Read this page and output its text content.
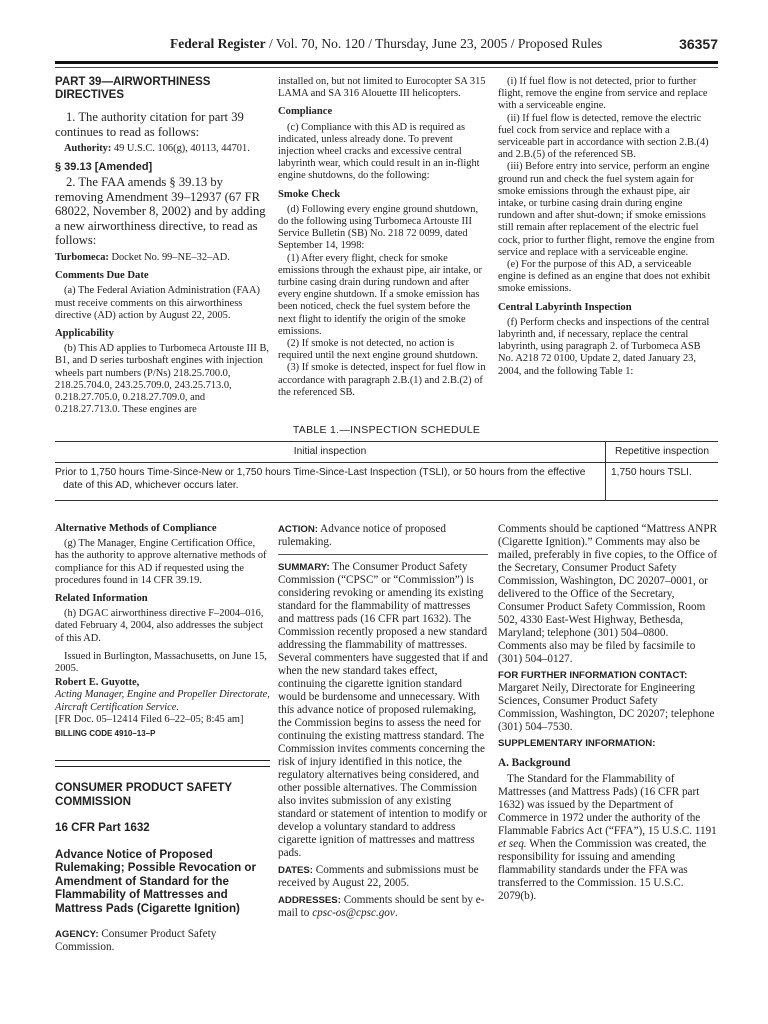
Federal Register / Vol. 70, No. 120 / Thursday, June 23, 2005 / Proposed Rules	36357
PART 39—AIRWORTHINESS DIRECTIVES

1. The authority citation for part 39 continues to read as follows:

Authority: 49 U.S.C. 106(g), 40113, 44701.

§ 39.13 [Amended]

2. The FAA amends § 39.13 by removing Amendment 39–12937 (67 FR 68022, November 8, 2002) and by adding a new airworthiness directive, to read as follows:

Turbomeca: Docket No. 99–NE–32–AD.

Comments Due Date

(a) The Federal Aviation Administration (FAA) must receive comments on this airworthiness directive (AD) action by August 22, 2005.

Applicability

(b) This AD applies to Turbomeca Artouste III B, B1, and D series turboshaft engines with injection wheels part numbers (P/Ns) 218.25.700.0, 218.25.704.0, 243.25.709.0, 243.25.713.0, 0.218.27.705.0, 0.218.27.709.0, and 0.218.27.713.0. These engines are

installed on, but not limited to Eurocopter SA 315 LAMA and SA 316 Alouette III helicopters.

Compliance

(c) Compliance with this AD is required as indicated, unless already done. To prevent injection wheel cracks and excessive central labyrinth wear, which could result in an in-flight engine shutdowns, do the following:

Smoke Check

(d) Following every engine ground shutdown, do the following using Turbomeca Artouste III Service Bulletin (SB) No. 218 72 0099, dated September 14, 1998:

(1) After every flight, check for smoke emissions through the exhaust pipe, air intake, or turbine casing drain during rundown and after every engine shutdown. If a smoke emission has been noticed, check the fuel system before the next flight to identify the origin of the smoke emissions.

(2) If smoke is not detected, no action is required until the next engine ground shutdown.

(3) If smoke is detected, inspect for fuel flow in accordance with paragraph 2.B.(1) and 2.B.(2) of the referenced SB.

(i) If fuel flow is not detected, prior to further flight, remove the engine from service and replace with a serviceable engine.

(ii) If fuel flow is detected, remove the electric fuel cock from service and replace with a serviceable part in accordance with section 2.B.(4) and 2.B.(5) of the referenced SB.

(iii) Before entry into service, perform an engine ground run and check the fuel system again for smoke emissions through the exhaust pipe, air intake, or turbine casing drain during engine rundown and after shut-down; if smoke emissions still remain after replacement of the electric fuel cock, prior to further flight, remove the engine from service and replace with a serviceable engine.

(e) For the purpose of this AD, a serviceable engine is defined as an engine that does not exhibit smoke emissions.

Central Labyrinth Inspection

(f) Perform checks and inspections of the central labyrinth and, if necessary, replace the central labyrinth, using paragraph 2. of Turbomeca ASB No. A218 72 0100, Update 2, dated January 23, 2004, and the following Table 1:

TABLE 1.—INSPECTION SCHEDULE
Initial inspection	Repetitive inspection
Prior to 1,750 hours Time-Since-New or 1,750 hours Time-Since-Last Inspection (TSLI), or 50 hours from the effective date of this AD, whichever occurs later.	1,750 hours TSLI.
Alternative Methods of Compliance

(g) The Manager, Engine Certification Office, has the authority to approve alternative methods of compliance for this AD if requested using the procedures found in 14 CFR 39.19.

Related Information

(h) DGAC airworthiness directive F–2004–016, dated February 4, 2004, also addresses the subject of this AD.

Issued in Burlington, Massachusetts, on June 15, 2005.

Robert E. Guyotte,
Acting Manager, Engine and Propeller Directorate, Aircraft Certification Service.
[FR Doc. 05–12414 Filed 6–22–05; 8:45 am]
BILLING CODE 4910–13–P
CONSUMER PRODUCT SAFETY COMMISSION
16 CFR Part 1632
Advance Notice of Proposed Rulemaking; Possible Revocation or Amendment of Standard for the Flammability of Mattresses and Mattress Pads (Cigarette Ignition)

AGENCY: Consumer Product Safety Commission.

ACTION: Advance notice of proposed rulemaking.

SUMMARY: The Consumer Product Safety Commission (“CPSC” or “Commission”) is considering revoking or amending its existing standard for the flammability of mattresses and mattress pads (16 CFR part 1632). The Commission recently proposed a new standard addressing the flammability of mattresses. Several commenters have suggested that if and when the new standard takes effect, continuing the cigarette ignition standard would be burdensome and unnecessary. With this advance notice of proposed rulemaking, the Commission begins to assess the need for continuing the existing mattress standard. The Commission invites comments concerning the risk of injury identified in this notice, the regulatory alternatives being considered, and other possible alternatives. The Commission also invites submission of any existing standard or statement of intention to modify or develop a voluntary standard to address cigarette ignition of mattresses and mattress pads.

DATES: Comments and submissions must be received by August 22, 2005.

ADDRESSES: Comments should be sent by e-mail to cpsc-os@cpsc.gov.

Comments should be captioned “Mattress ANPR (Cigarette Ignition).” Comments may also be mailed, preferably in five copies, to the Office of the Secretary, Consumer Product Safety Commission, Washington, DC 20207–0001, or delivered to the Office of the Secretary, Consumer Product Safety Commission, Room 502, 4330 East-West Highway, Bethesda, Maryland; telephone (301) 504–0800. Comments also may be filed by facsimile to (301) 504–0127.

FOR FURTHER INFORMATION CONTACT:

Margaret Neily, Directorate for Engineering Sciences, Consumer Product Safety Commission, Washington, DC 20207; telephone (301) 504–7530.

SUPPLEMENTARY INFORMATION:
A. Background

The Standard for the Flammability of Mattresses (and Mattress Pads) (16 CFR part 1632) was issued by the Department of Commerce in 1972 under the authority of the Flammable Fabrics Act (“FFA”), 15 U.S.C. 1191 et seq. When the Commission was created, the responsibility for issuing and amending flammability standards under the FFA was transferred to the Commission. 15 U.S.C. 2079(b).
